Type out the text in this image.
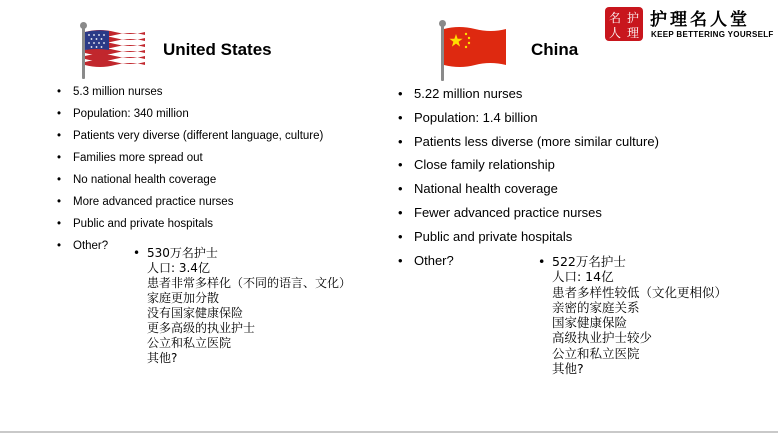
名 护
人 理
护理名人堂
KEEP BETTERING YOURSELF
United States	China
• 5.3 million nurses
• Population: 340 million
• Patients very diverse (different language, culture)
• Families more spread out
• No national health coverage
• More advanced practice nurses
• Public and private hospitals
• Other?	• 530万名护士
人口: 3.4亿
患者非常多样化（不同的语言、文化）
家庭更加分散
没有国家健康保险
更多高级的执业护士
公立和私立医院
其他?
• 5.22 million nurses
• Population: 1.4 billion
• Patients less diverse (more similar culture)
• Close family relationship
• National health coverage
• Fewer advanced practice nurses
• Public and private hospitals
• Other?	• 522万名护士
人口: 14亿
患者多样性较低（文化更相似）
亲密的家庭关系
国家健康保险
高级执业护士较少
公立和私立医院
其他?
